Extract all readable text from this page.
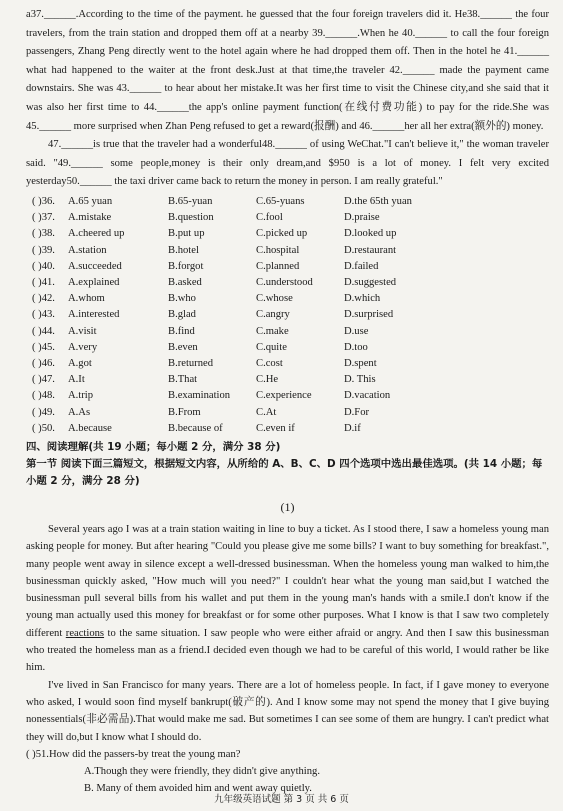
a37.______.According to the time of the payment. he guessed that the four foreign travelers did it. He38.______ the four travelers, from the train station and dropped them off at a nearby 39.______.When he 40.______ to call the four foreign passengers, Zhang Peng directly went to the hotel again where he had dropped them off. Then in the hotel he 41.______ what had happened to the waiter at the front desk.Just at that time,the traveler 42.______ made the payment came downstairs. She was 43.______ to hear about her mistake.It was her first time to visit the Chinese city,and she said that it was also her first time to 44.______the app's online payment function(在线付费功能) to pay for the ride.She was 45.______ more surprised when Zhan Peng refused to get a reward(报酬) and 46.______her all her extra(额外的) money.

47.______is true that the traveler had a wonderful48.______ of using WeChat."I can't believe it," the woman traveler said. "49.______ some people,money is their only dream,and $950 is a lot of money. I felt very excited yesterday50.______ the taxi driver came back to return the money in person. I am really grateful."

( )36.	A.65 yuan	B.65-yuan	C.65-yuans	D.the 65th yuan
( )37.	A.mistake	B.question	C.fool	D.praise
( )38.	A.cheered up	B.put up	C.picked up	D.looked up
( )39.	A.station	B.hotel	C.hospital	D.restaurant
( )40.	A.succeeded	B.forgot	C.planned	D.failed
( )41.	A.explained	B.asked	C.understood	D.suggested
( )42.	A.whom	B.who	C.whose	D.which
( )43.	A.interested	B.glad	C.angry	D.surprised
( )44.	A.visit	B.find	C.make	D.use
( )45.	A.very	B.even	C.quite	D.too
( )46.	A.got	B.returned	C.cost	D.spent
( )47.	A.It	B.That	C.He	D. This
( )48.	A.trip	B.examination	C.experience	D.vacation
( )49.	A.As	B.From	C.At	D.For
( )50.	A.because	B.because of	C.even if	D.if
四、阅读理解(共 19 小题；每小题 2 分，满分 38 分)
第一节 阅读下面三篇短文，根据短文内容，从所给的 A、B、C、D 四个选项中选出最佳选项。(共 14 小题；每小题 2 分，满分 28 分)
(1)

Several years ago I was at a train station waiting in line to buy a ticket. As I stood there, I saw a homeless young man asking people for money. But after hearing "Could you please give me some bills? I want to buy something for breakfast.", many people went away in silence except a well-dressed businessman. When the homeless young man walked to him,the businessman quickly asked, "How much will you need?" I couldn't hear what the young man said,but I watched the businessman pull several bills from his wallet and put them in the young man's hands with a smile.I don't know if the young man actually used this money for breakfast or for some other purposes. What I know is that I saw two completely different reactions to the same situation. I saw people who were either afraid or angry. And then I saw this businessman who treated the homeless man as a friend.I decided even though we had to be careful of this world, I would rather be like him.

I've lived in San Francisco for many years. There are a lot of homeless people. In fact, if I gave money to everyone who asked, I would soon find myself bankrupt(破产的). And I know some may not spend the money that I give buying nonessentials(非必需品).That would make me sad. But sometimes I can see some of them are hungry. I can't predict what they will do,but I know what I should do.

( )51.How did the passers-by treat the young man?
A.Though they were friendly, they didn't give anything.
B. Many of them avoided him and went away quietly.
九年级英语试题 第 3 页 共 6 页
